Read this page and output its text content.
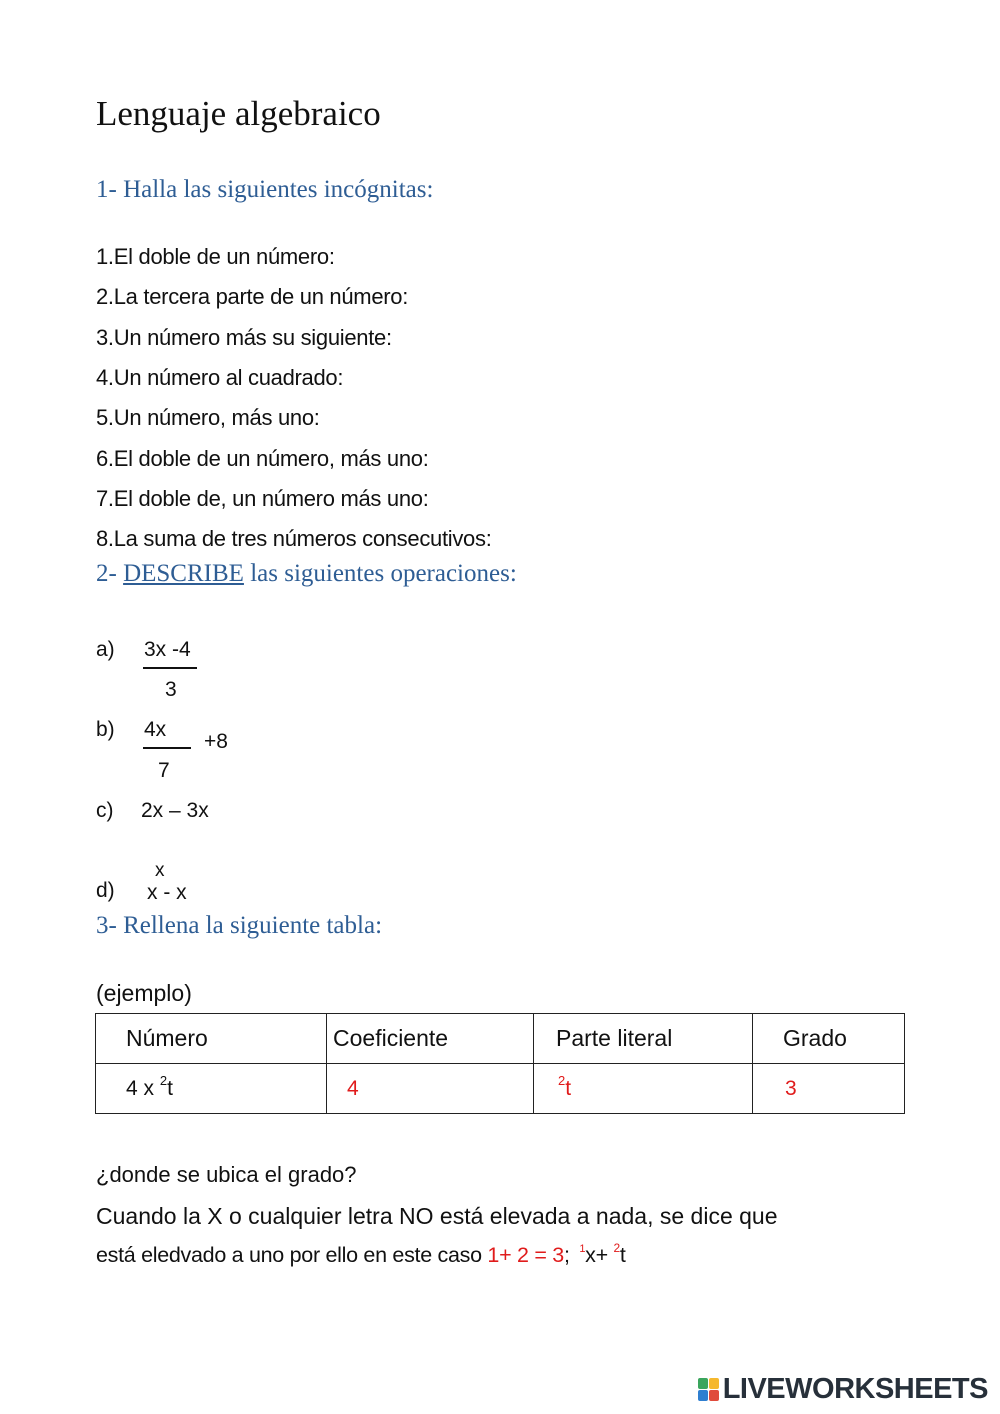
Lenguaje algebraico
1- Halla las siguientes incógnitas:
1.El doble de un número:
2.La tercera parte de un número:
3.Un número más su siguiente:
4.Un número al cuadrado:
5.Un número, más uno:
6.El doble de un número, más uno:
7.El doble de, un número más uno:
8.La suma de tres números consecutivos:
2- DESCRIBE las siguientes operaciones:
a) 3x -4
3
b) 4x
7
+8
c) 2x – 3x
x
d) x - x
3- Rellena la siguiente tabla:
(ejemplo)
Número	Coeficiente	Parte literal	Grado
4 x $^2$t	4	$^2$t	3
¿donde se ubica el grado?
Cuando la X o cualquier letra NO está elevada a nada, se dice que
está eledvado a uno por ello en este caso 1+ 2 = 3; $^1$x+ $^2$t
LIVEWORKSHEETS
